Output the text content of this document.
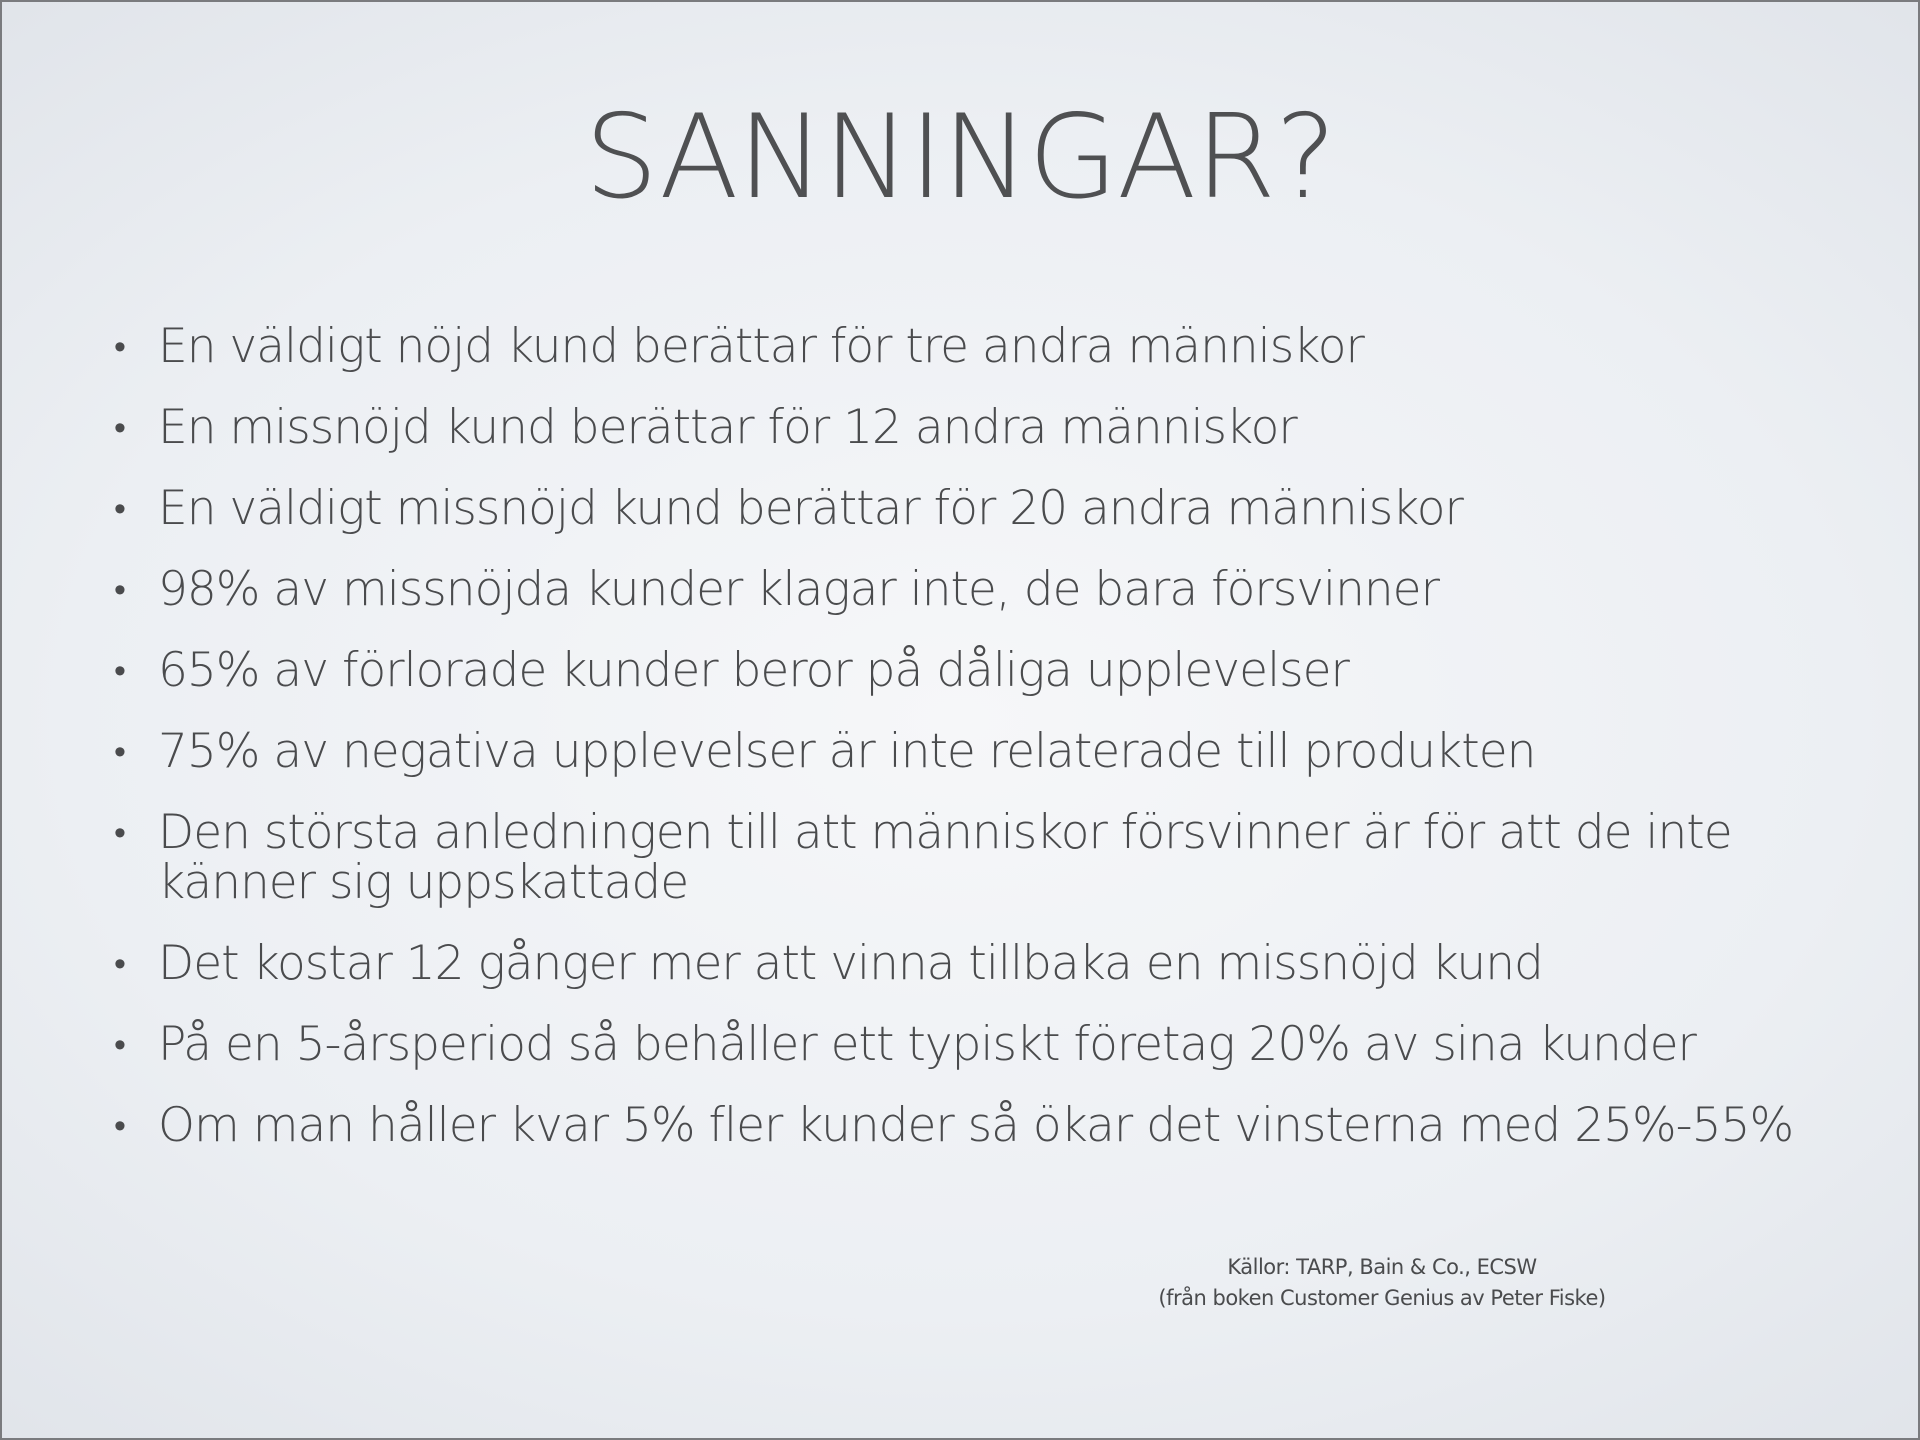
SANNINGAR?
• En väldigt nöjd kund berättar för tre andra människor
• En missnöjd kund berättar för 12 andra människor
• En väldigt missnöjd kund berättar för 20 andra människor
• 98% av missnöjda kunder klagar inte, de bara försvinner
• 65% av förlorade kunder beror på dåliga upplevelser
• 75% av negativa upplevelser är inte relaterade till produkten
• Den största anledningen till att människor försvinner är för att de inte känner sig uppskattade
• Det kostar 12 gånger mer att vinna tillbaka en missnöjd kund
• På en 5-årsperiod så behåller ett typiskt företag 20% av sina kunder
• Om man håller kvar 5% fler kunder så ökar det vinsterna med 25%-55%
Källor: TARP, Bain & Co., ECSW
(från boken Customer Genius av Peter Fiske)
